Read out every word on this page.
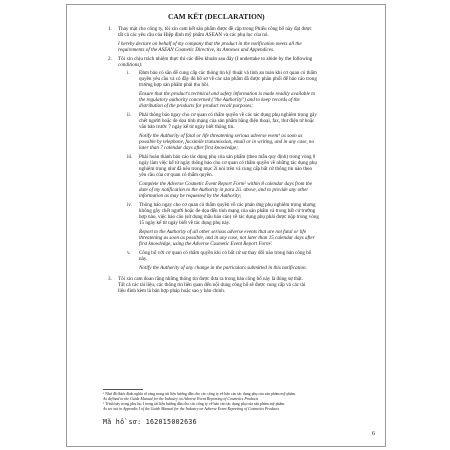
CAM KẾT (DECLARATION)
1. Thay mặt cho công ty, tôi xin cam kết sản phẩm được đề cập trong Phiếu công bố này đạt được
tất cả các yêu cầu của Hiệp định mỹ phẩm ASEAN và các phụ lục của nó.
I hereby declare on behalf of my company that the product in the notification meets all the
requirements of the ASEAN Cosmetic Directive, its Annexes and Appendices.
2. Tôi xin chịu trách nhiệm thực thi các điều khoản sau đây (I undertake to abide by the following
conditions):
i. Đảm bảo có sẵn để cung cấp các thông tin kỹ thuật và tính an toàn khi cơ quan có thẩm
quyền yêu cầu và có đầy đủ hồ sơ về các sản phẩm đã được phân phối để báo cáo trong
trường hợp sản phẩm phải thu hồi.
Ensure that the product's technical and safety information is made readily available to
the regulatory authority concerned ("the Authority") and to keep records of the
distribution of the products for product recall purposes;
ii. Phải thông báo ngay cho cơ quan có thẩm quyền về các tác dụng phụ nghiêm trọng gây
chết người hoặc đe dọa tính mạng của sản phẩm bằng điện thoại, fax, thư điện tử hoặc
văn bản trước 7 ngày kể từ ngày biết thông tin.
Notify the Authority of fatal or life threatening serious adverse event¹ as soon as
possible by telephone, facsimile transmission, email or in writing, and in any case, no
later than 7 calendar days after first knowledge;
iii. Phải hoàn thành báo cáo tác dụng phụ của sản phẩm (theo mẫu quy định) trong vòng 8
ngày làm việc kể từ ngày thông báo cho cơ quan có thẩm quyền về những tác dụng phụ
nghiêm trọng như đã nêu trong mục 2i nói trên và cung cấp bất cứ thông tin nào theo
yêu cầu của cơ quan có thẩm quyền.
Complete the Adverse Cosmetic Event Report Form² within 8 calendar days from the
date of my notification to the Authority in para 2ii. above, and to provide any other
information as may be requested by the Authority;
iv. Thông báo ngay cho cơ quan có thẩm quyền về các phản ứng phụ nghiêm trọng nhưng
không gây chết người hoặc đe dọa đến tính mạng của sản phẩm và trong bất cứ trường
hợp nào, việc báo cáo (sử dụng mẫu báo cáo) về tác dụng phụ phải được nộp trong vòng
15 ngày kể từ ngày biết về tác dụng phụ này.
Report to the Authority of all other serious adverse events that are not fatal or life
threatening as soon as possible, and in any case, not later than 15 calendar days after
first knowledge, using the Adverse Cosmetic Event Report Form².
v. Công bố với cơ quan có thẩm quyền khi có bất cứ sự thay đổi nào trong bản công bố
này.
Notify the Authority of any change in the particulars submitted in this notification.
3. Tôi xin cam đoan rằng những thông tin được đưa ra trong bản công bố này là đúng sự thật.
Tất cả các tài liệu, các thông tin liên quan đến nội dung công bố sẽ được cung cấp và các tài
liệu đính kèm là bản hợp pháp hoặc sao y bản chính.
¹ Như đã được định nghĩa rõ ràng trong tài liệu hướng dẫn cho các công ty về báo cáo tác dụng phụ của sản phẩm mỹ phẩm.
As defined in the Guide Manual for the Industry on Adverse Event Reporting of Cosmetics Products
² Trình bày trong phụ lục I trong tài liệu hướng dẫn cho các công ty về báo cáo tác dụng phụ của sản phẩm mỹ phẩm.
As set out in Appendix I of the Guide Manual for the Industry on Adverse Event Reporting of Cosmetics Products
Mã hồ sơ: 162015002636
6
